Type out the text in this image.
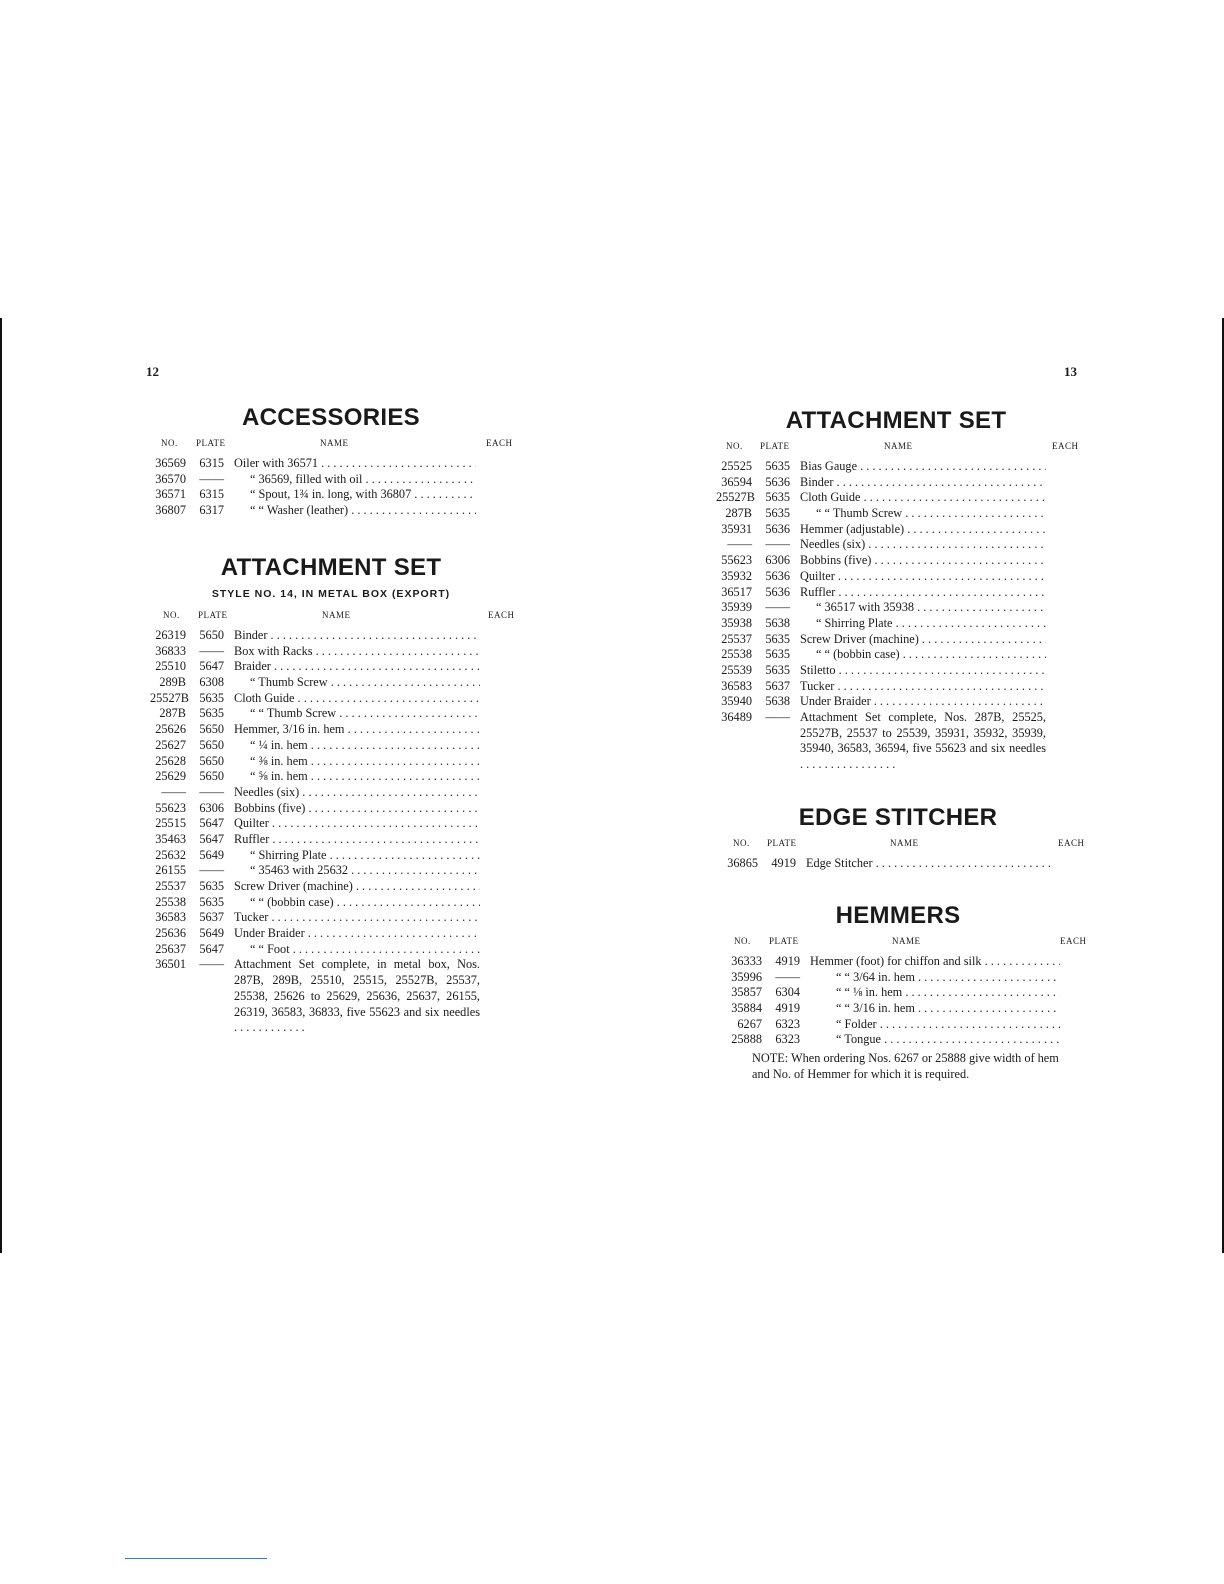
12
ACCESSORIES
NO. PLATE	NAME	EACH
36569	6315 Oiler with 36571 . . .
36570	——	“ 36569, filled with oil . . .
36571	6315	“ Spout, 1¾ in. long, with 36807 . . .
36807	6317	“ “ Washer (leather) . . .
ATTACHMENT SET
STYLE NO. 14, IN METAL BOX (EXPORT)
NO. PLATE	NAME	EACH
26319	5650 Binder . . .
36833	—— Box with Racks . . .
25510	5647 Braider . . .
289B	6308	“ Thumb Screw . . .
25527B 5635 Cloth Guide . . .
287B	5635	“ “ Thumb Screw . . .
25626	5650 Hemmer, 3/16 in. hem . . .
25627	5650	“ ¼ in. hem . . .
25628	5650	“ ⅜ in. hem . . .
25629	5650	“ ⅝ in. hem . . .
——	—— Needles (six) . . .
55623	6306 Bobbins (five) . . .
25515	5647 Quilter . . .
35463	5647 Ruffler . . .
25632	5649	“ Shirring Plate . . .
26155	——	“ 35463 with 25632 . . .
25537	5635 Screw Driver (machine) . . .
25538	5635	“ “ (bobbin case) . . .
36583	5637 Tucker . . .
25636	5649 Under Braider . . .
25637	5647	“ “ Foot . . .
36501	—— Attachment Set complete, in metal box, Nos. 287B, 289B, 25510, 25515, 25527B, 25537, 25538, 25626 to 25629, 25636, 25637, 26155, 26319, 36583, 36833, five 55623 and six needles . . . . . . . . . . . .
13
ATTACHMENT SET
NO. PLATE	NAME	EACH
25525	5635 Bias Gauge . . .
36594	5636 Binder . . .
25527B 5635 Cloth Guide . . .
287B	5635	“ “ Thumb Screw . . .
35931	5636 Hemmer (adjustable) . . .
——	—— Needles (six) . . .
55623	6306 Bobbins (five) . . .
35932	5636 Quilter . . .
36517	5636 Ruffler . . .
35939	——	“ 36517 with 35938 . . .
35938	5638	“ Shirring Plate . . .
25537	5635 Screw Driver (machine) . . .
25538	5635	“ “ (bobbin case) . . .
25539	5635 Stiletto . . .
36583	5637 Tucker . . .
35940	5638 Under Braider . . .
36489	—— Attachment Set complete, Nos. 287B, 25525, 25527B, 25537 to 25539, 35931, 35932, 35939, 35940, 36583, 36594, five 55623 and six needles . . . . . . . . . . . . . . . .
EDGE STITCHER
NO. PLATE	NAME	EACH
36865	4919 Edge Stitcher . . .
HEMMERS
NO. PLATE	NAME	EACH
36333	4919 Hemmer (foot) for chiffon and silk . . .
35996	——	“ “ 3/64 in. hem . . .
35857	6304	“ “ ⅛ in. hem . . .
35884	4919	“ “ 3/16 in. hem . . .
6267	6323	“ Folder . . .
25888	6323	“ Tongue . . .
NOTE: When ordering Nos. 6267 or 25888 give width of hem and No. of Hemmer for which it is required.
